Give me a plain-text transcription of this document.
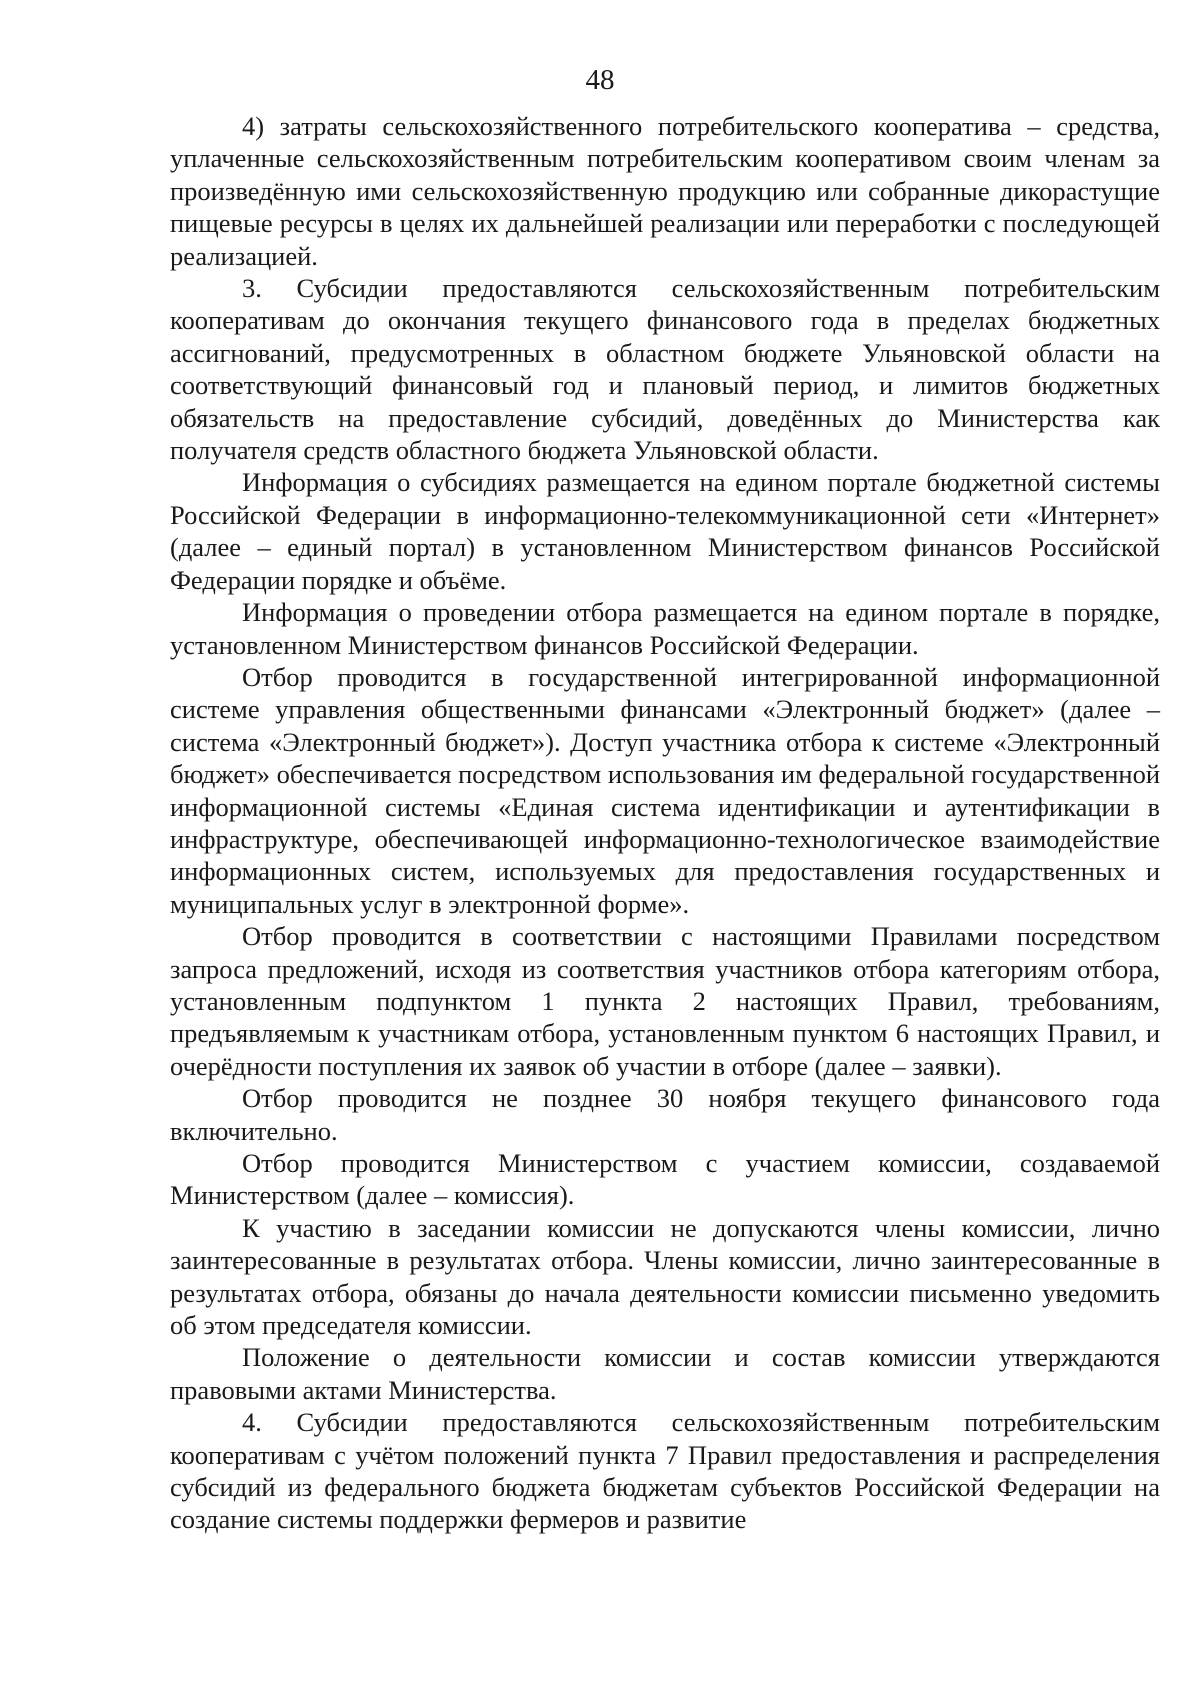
48

4) затраты сельскохозяйственного потребительского кооператива – средства, уплаченные сельскохозяйственным потребительским кооперативом своим членам за произведённую ими сельскохозяйственную продукцию или собранные дикорастущие пищевые ресурсы в целях их дальнейшей реализации или переработки с последующей реализацией.

3. Субсидии предоставляются сельскохозяйственным потребительским кооперативам до окончания текущего финансового года в пределах бюджетных ассигнований, предусмотренных в областном бюджете Ульяновской области на соответствующий финансовый год и плановый период, и лимитов бюджетных обязательств на предоставление субсидий, доведённых до Министерства как получателя средств областного бюджета Ульяновской области.

Информация о субсидиях размещается на едином портале бюджетной системы Российской Федерации в информационно-телекоммуникационной сети «Интернет» (далее – единый портал) в установленном Министерством финансов Российской Федерации порядке и объёме.

Информация о проведении отбора размещается на едином портале в порядке, установленном Министерством финансов Российской Федерации.

Отбор проводится в государственной интегрированной информационной системе управления общественными финансами «Электронный бюджет» (далее – система «Электронный бюджет»). Доступ участника отбора к системе «Электронный бюджет» обеспечивается посредством использования им федеральной государственной информационной системы «Единая система идентификации и аутентификации в инфраструктуре, обеспечивающей информационно-технологическое взаимодействие информационных систем, используемых для предоставления государственных и муниципальных услуг в электронной форме».

Отбор проводится в соответствии с настоящими Правилами посредством запроса предложений, исходя из соответствия участников отбора категориям отбора, установленным подпунктом 1 пункта 2 настоящих Правил, требованиям, предъявляемым к участникам отбора, установленным пунктом 6 настоящих Правил, и очерёдности поступления их заявок об участии в отборе (далее – заявки).

Отбор проводится не позднее 30 ноября текущего финансового года включительно.

Отбор проводится Министерством с участием комиссии, создаваемой Министерством (далее – комиссия).

К участию в заседании комиссии не допускаются члены комиссии, лично заинтересованные в результатах отбора. Члены комиссии, лично заинтересованные в результатах отбора, обязаны до начала деятельности комиссии письменно уведомить об этом председателя комиссии.

Положение о деятельности комиссии и состав комиссии утверждаются правовыми актами Министерства.

4. Субсидии предоставляются сельскохозяйственным потребительским кооперативам с учётом положений пункта 7 Правил предоставления и распределения субсидий из федерального бюджета бюджетам субъектов Российской Федерации на создание системы поддержки фермеров и развитие
